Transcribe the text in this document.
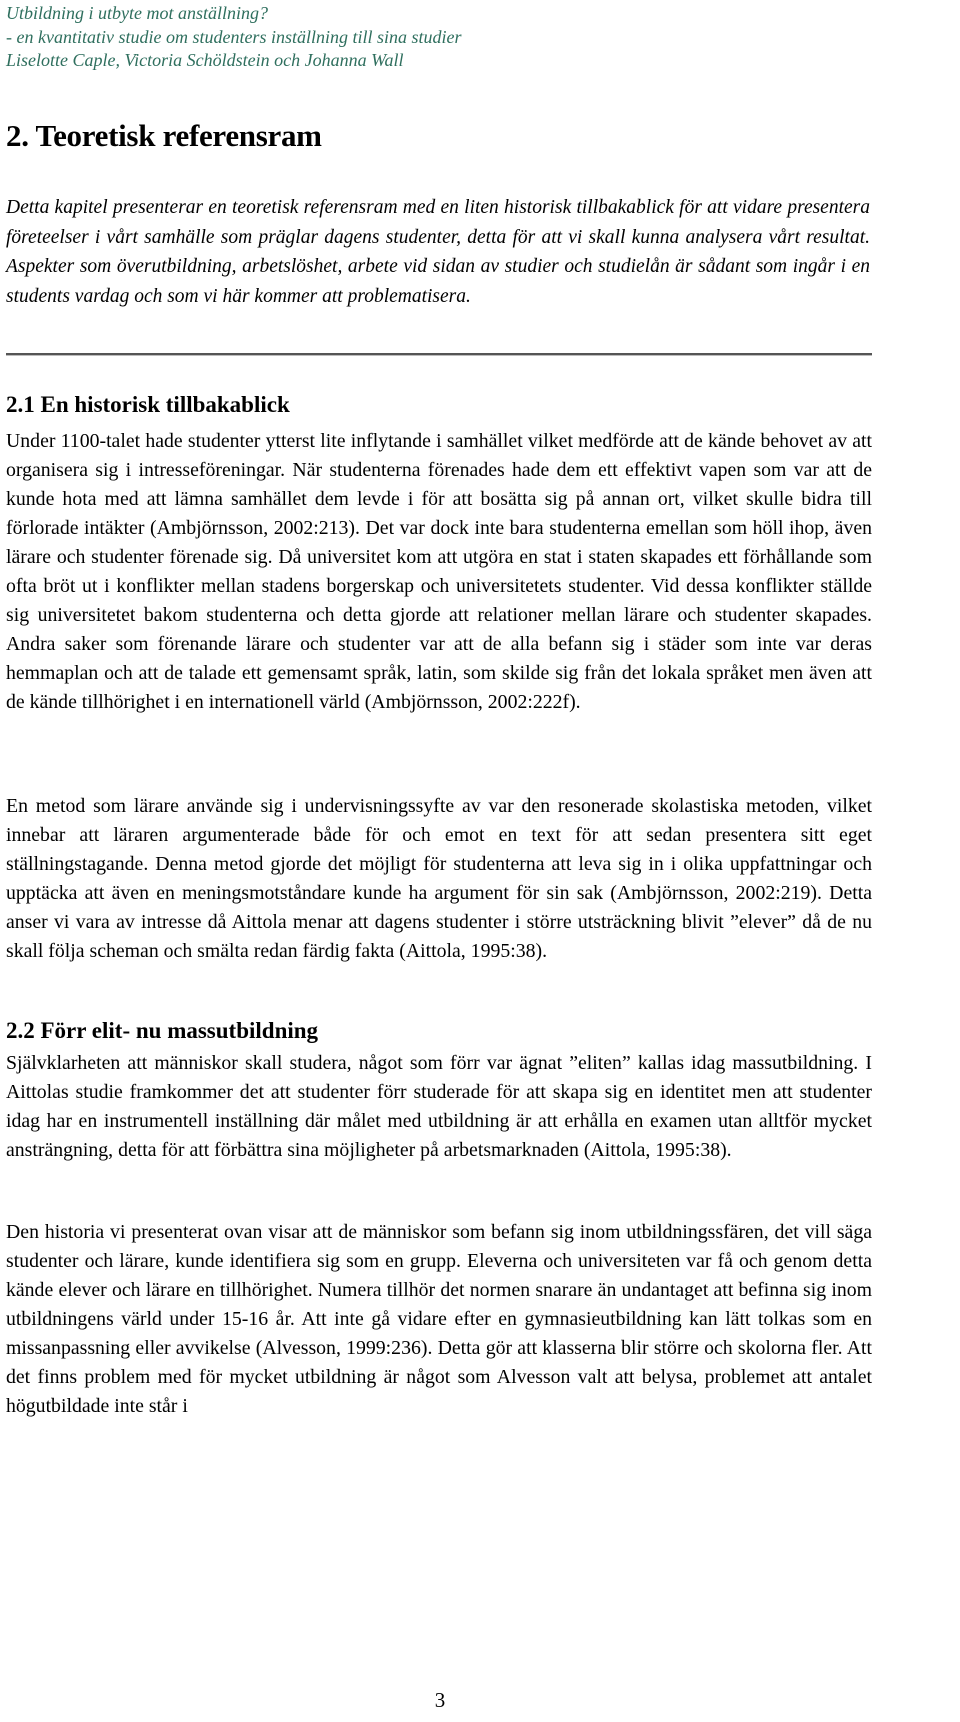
Utbildning i utbyte mot anställning?
- en kvantitativ studie om studenters inställning till sina studier
Liselotte Caple, Victoria Schöldstein och Johanna Wall
2. Teoretisk referensram

Detta kapitel presenterar en teoretisk referensram med en liten historisk tillbakablick för att vidare presentera företeelser i vårt samhälle som präglar dagens studenter, detta för att vi skall kunna analysera vårt resultat. Aspekter som överutbildning, arbetslöshet, arbete vid sidan av studier och studielån är sådant som ingår i en students vardag och som vi här kommer att problematisera.

2.1 En historisk tillbakablick

Under 1100-talet hade studenter ytterst lite inflytande i samhället vilket medförde att de kände behovet av att organisera sig i intresseföreningar. När studenterna förenades hade dem ett effektivt vapen som var att de kunde hota med att lämna samhället dem levde i för att bosätta sig på annan ort, vilket skulle bidra till förlorade intäkter (Ambjörnsson, 2002:213). Det var dock inte bara studenterna emellan som höll ihop, även lärare och studenter förenade sig. Då universitet kom att utgöra en stat i staten skapades ett förhållande som ofta bröt ut i konflikter mellan stadens borgerskap och universitetets studenter. Vid dessa konflikter ställde sig universitetet bakom studenterna och detta gjorde att relationer mellan lärare och studenter skapades. Andra saker som förenande lärare och studenter var att de alla befann sig i städer som inte var deras hemmaplan och att de talade ett gemensamt språk, latin, som skilde sig från det lokala språket men även att de kände tillhörighet i en internationell värld (Ambjörnsson, 2002:222f).

En metod som lärare använde sig i undervisningssyfte av var den resonerade skolastiska metoden, vilket innebar att läraren argumenterade både för och emot en text för att sedan presentera sitt eget ställningstagande. Denna metod gjorde det möjligt för studenterna att leva sig in i olika uppfattningar och upptäcka att även en meningsmotståndare kunde ha argument för sin sak (Ambjörnsson, 2002:219). Detta anser vi vara av intresse då Aittola menar att dagens studenter i större utsträckning blivit ”elever” då de nu skall följa scheman och smälta redan färdig fakta (Aittola, 1995:38).

2.2 Förr elit- nu massutbildning

Självklarheten att människor skall studera, något som förr var ägnat ”eliten” kallas idag massutbildning. I Aittolas studie framkommer det att studenter förr studerade för att skapa sig en identitet men att studenter idag har en instrumentell inställning där målet med utbildning är att erhålla en examen utan alltför mycket ansträngning, detta för att förbättra sina möjligheter på arbetsmarknaden (Aittola, 1995:38).

Den historia vi presenterat ovan visar att de människor som befann sig inom utbildningssfären, det vill säga studenter och lärare, kunde identifiera sig som en grupp. Eleverna och universiteten var få och genom detta kände elever och lärare en tillhörighet. Numera tillhör det normen snarare än undantaget att befinna sig inom utbildningens värld under 15-16 år. Att inte gå vidare efter en gymnasieutbildning kan lätt tolkas som en missanpassning eller avvikelse (Alvesson, 1999:236). Detta gör att klasserna blir större och skolorna fler. Att det finns problem med för mycket utbildning är något som Alvesson valt att belysa, problemet att antalet högutbildade inte står i

3
